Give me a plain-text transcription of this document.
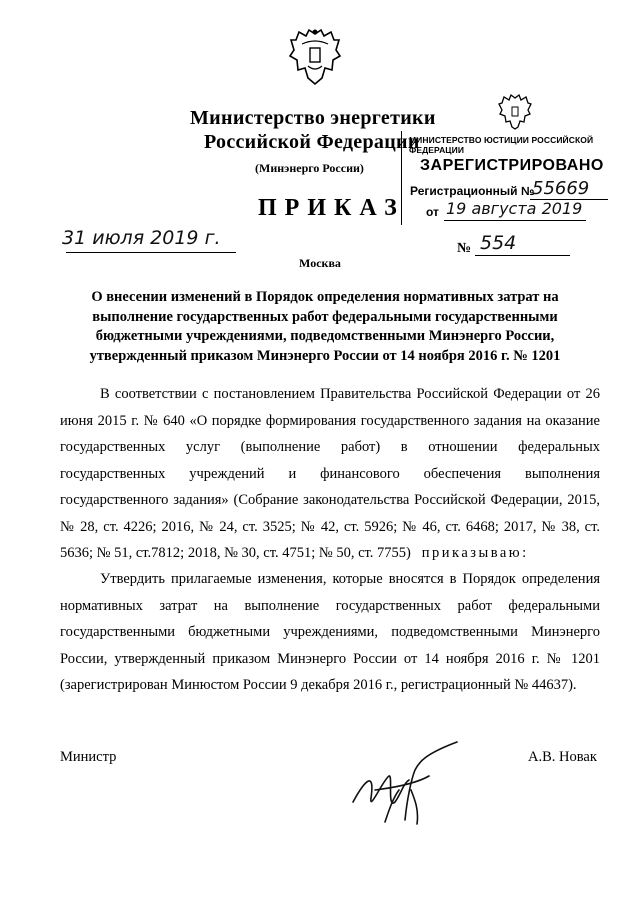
Министерство энергетики
Российской Федерации
(Минэнерго России)
МИНИСТЕРСТВО ЮСТИЦИИ РОССИЙСКОЙ ФЕДЕРАЦИИ
ЗАРЕГИСТРИРОВАНО
Регистрационный №
55669
от 19 августа 2019
ПРИКАЗ
31 июля 2019 г.	№ 554
Москва
О внесении изменений в Порядок определения нормативных затрат на выполнение государственных работ федеральными государственными бюджетными учреждениями, подведомственными Минэнерго России, утвержденный приказом Минэнерго России от 14 ноября 2016 г. № 1201

В соответствии с постановлением Правительства Российской Федерации от 26 июня 2015 г. № 640 «О порядке формирования государственного задания на оказание государственных услуг (выполнение работ) в отношении федеральных государственных учреждений и финансового обеспечения выполнения государственного задания» (Собрание законодательства Российской Федерации, 2015, № 28, ст. 4226; 2016, № 24, ст. 3525; № 42, ст. 5926; № 46, ст. 6468; 2017, № 38, ст. 5636; № 51, ст.7812; 2018, № 30, ст. 4751; № 50, ст. 7755) приказываю:

Утвердить прилагаемые изменения, которые вносятся в Порядок определения нормативных затрат на выполнение государственных работ федеральными государственными бюджетными учреждениями, подведомственными Минэнерго России, утвержденный приказом Минэнерго России от 14 ноября 2016 г. № 1201 (зарегистрирован Минюстом России 9 декабря 2016 г., регистрационный № 44637).

Министр	А.В. Новак
